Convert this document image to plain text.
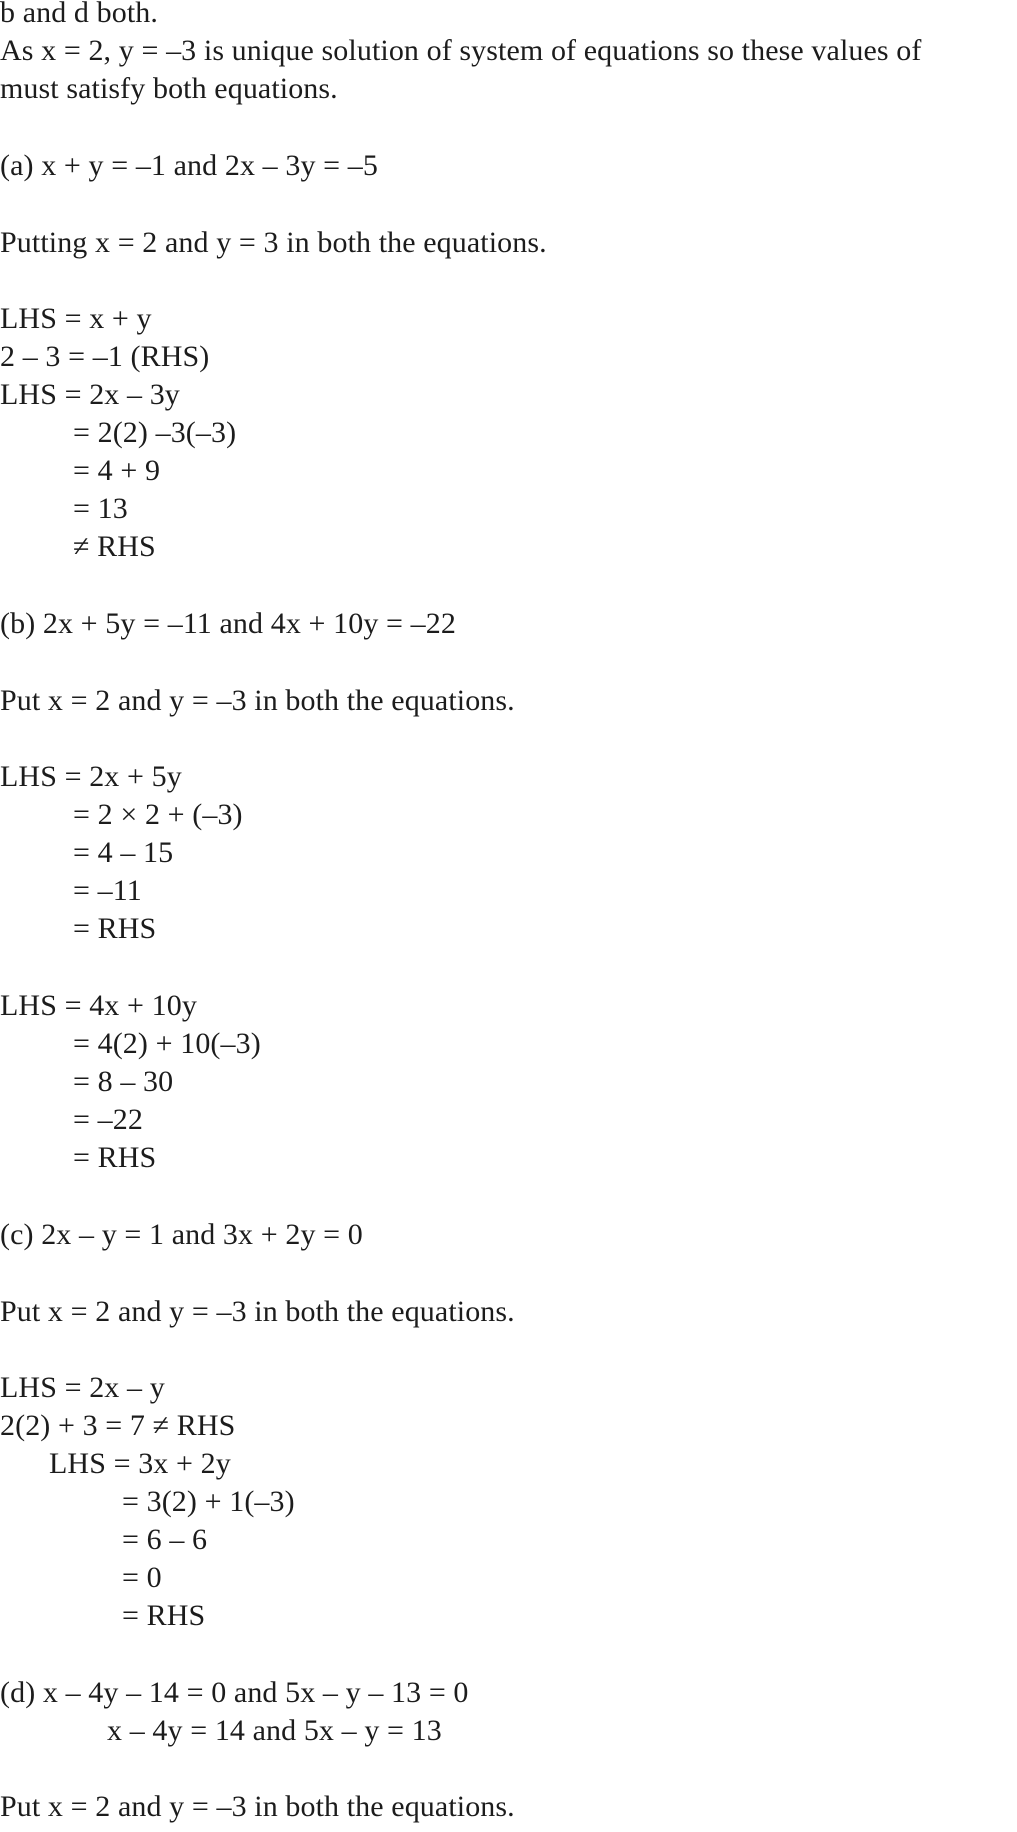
b and d both.
As x = 2, y = –3 is unique solution of system of equations so these values of
must satisfy both equations.
(a) x + y = –1 and 2x – 3y = –5
Putting x = 2 and y = 3 in both the equations.
LHS = x + y
2 – 3 = –1 (RHS)
LHS = 2x – 3y
= 2(2) –3(–3)
= 4 + 9
= 13
≠ RHS
(b) 2x + 5y = –11 and 4x + 10y = –22
Put x = 2 and y = –3 in both the equations.
LHS = 2x + 5y
= 2 × 2 + (–3)
= 4 – 15
= –11
= RHS
LHS = 4x + 10y
= 4(2) + 10(–3)
= 8 – 30
= –22
= RHS
(c) 2x – y = 1 and 3x + 2y = 0
Put x = 2 and y = –3 in both the equations.
LHS = 2x – y
2(2) + 3 = 7 ≠ RHS
LHS = 3x + 2y
= 3(2) + 1(–3)
= 6 – 6
= 0
= RHS
(d) x – 4y – 14 = 0 and 5x – y – 13 = 0
x – 4y = 14 and 5x – y = 13
Put x = 2 and y = –3 in both the equations.
